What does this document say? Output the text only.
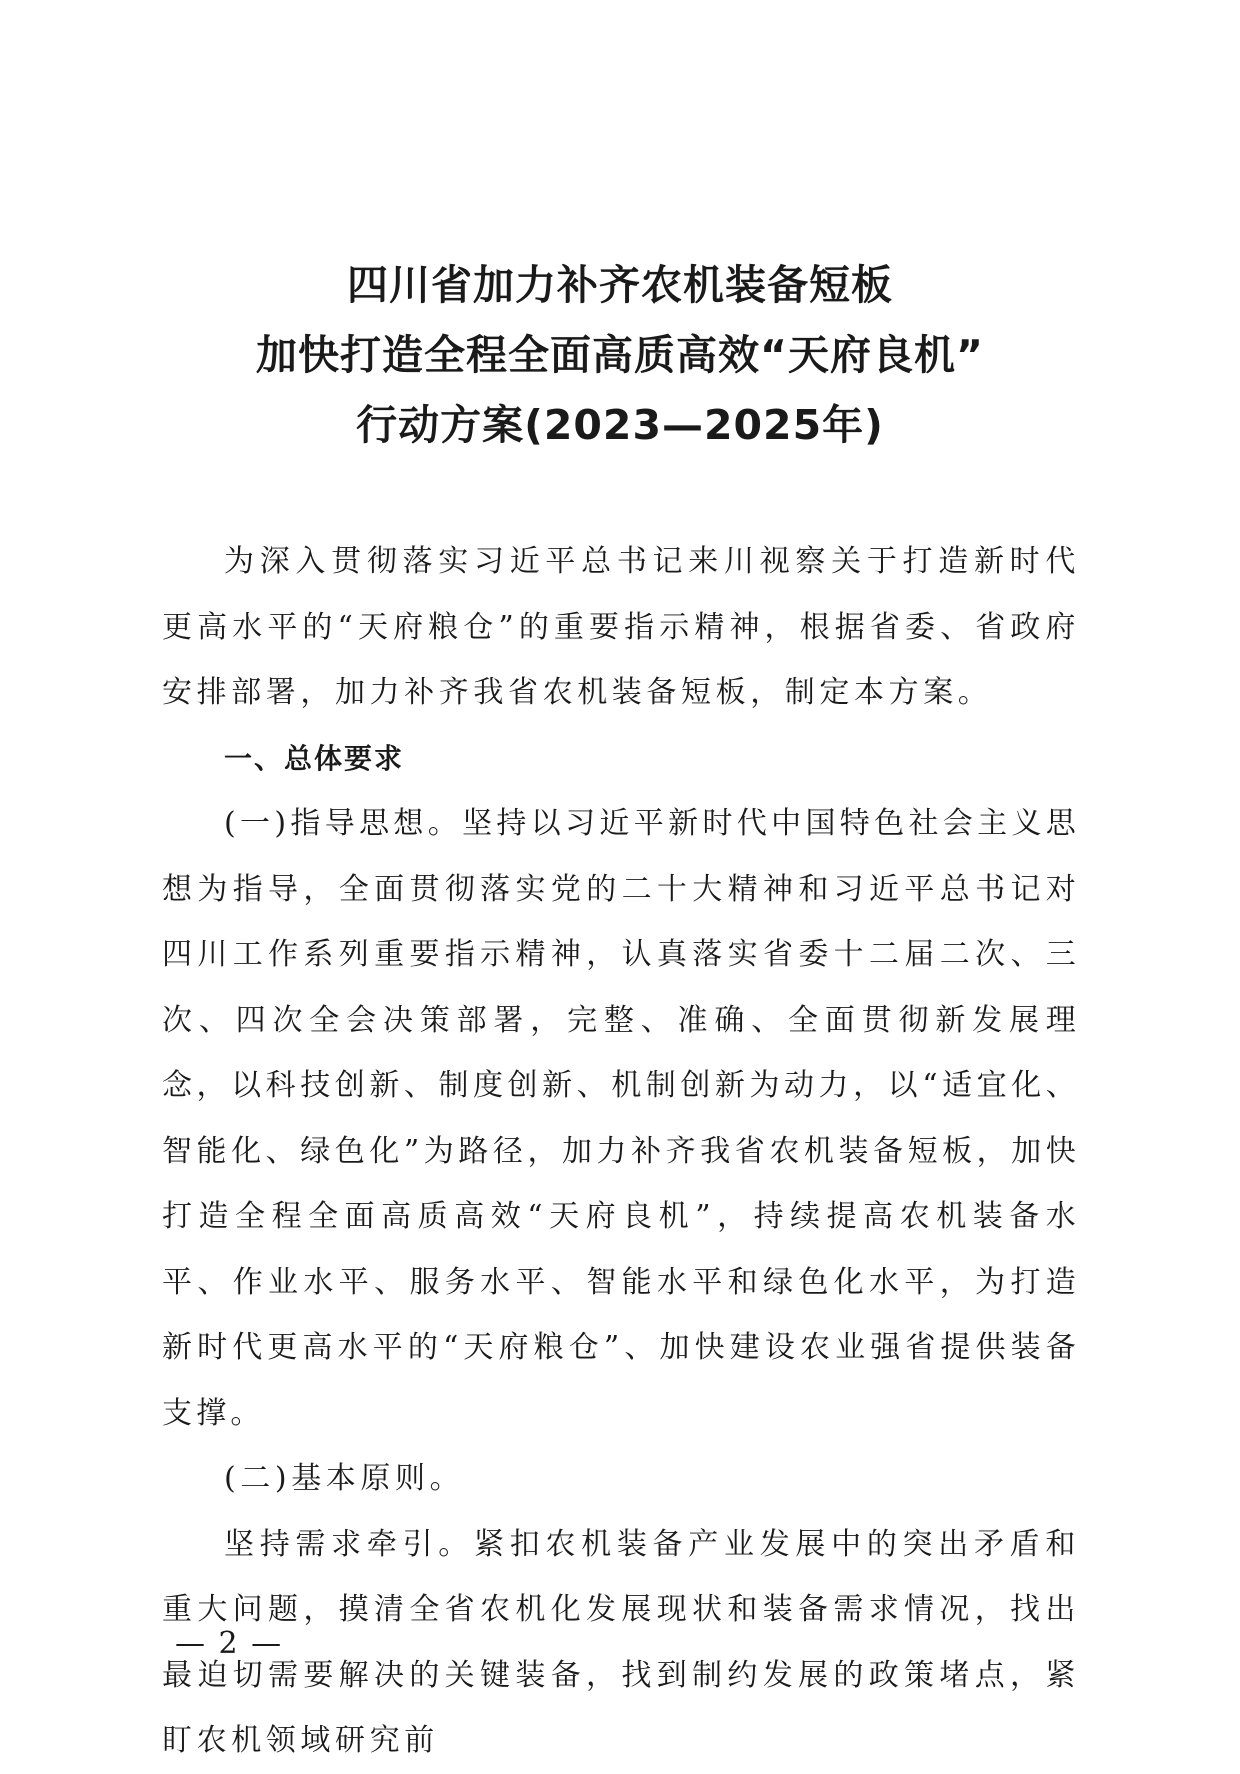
四川省加力补齐农机装备短板
加快打造全程全面高质高效“天府良机”
行动方案(2023—2025年)

为深入贯彻落实习近平总书记来川视察关于打造新时代更高水平的“天府粮仓”的重要指示精神，根据省委、省政府安排部署，加力补齐我省农机装备短板，制定本方案。

一、总体要求

(一)指导思想。坚持以习近平新时代中国特色社会主义思想为指导，全面贯彻落实党的二十大精神和习近平总书记对四川工作系列重要指示精神，认真落实省委十二届二次、三次、四次全会决策部署，完整、准确、全面贯彻新发展理念，以科技创新、制度创新、机制创新为动力，以“适宜化、智能化、绿色化”为路径，加力补齐我省农机装备短板，加快打造全程全面高质高效“天府良机”，持续提高农机装备水平、作业水平、服务水平、智能水平和绿色化水平，为打造新时代更高水平的“天府粮仓”、加快建设农业强省提供装备支撑。

(二)基本原则。

坚持需求牵引。紧扣农机装备产业发展中的突出矛盾和重大问题，摸清全省农机化发展现状和装备需求情况，找出最迫切需要解决的关键装备，找到制约发展的政策堵点，紧盯农机领域研究前

— 2 —
